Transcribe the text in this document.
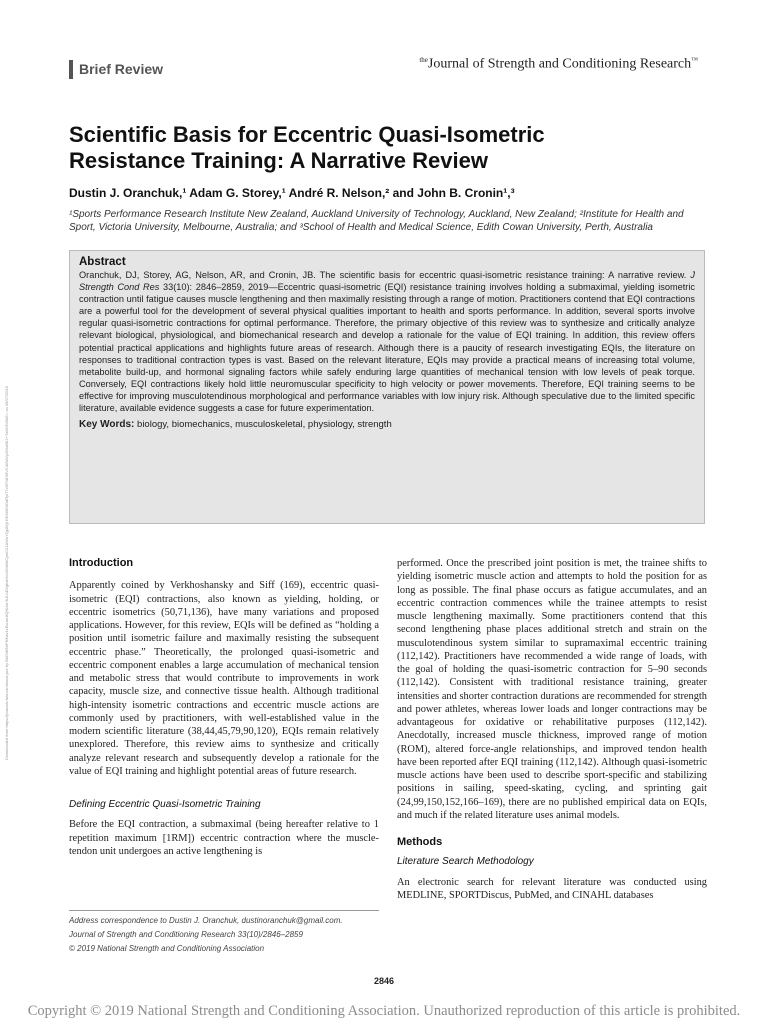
Downloaded from https://journals.lww.com/nsca-jscr by BhDMf5ePHKav1zEoum1tQfN4a+kJLhEZgbsIHo4XMi0hCywCX1AWnYQp/IlQrHD3i3D0OdRyi7TvSFl4Cf3VC4/OAVpDDa8K2+Ya6H515kE= on 09/27/2019
Brief Review
$^{the}$Journal of Strength and Conditioning Research™
Scientific Basis for Eccentric Quasi-Isometric
Resistance Training: A Narrative Review
Dustin J. Oranchuk,¹ Adam G. Storey,¹ André R. Nelson,² and John B. Cronin¹,³
¹Sports Performance Research Institute New Zealand, Auckland University of Technology, Auckland, New Zealand; ²Institute for Health and Sport, Victoria University, Melbourne, Australia; and ³School of Health and Medical Science, Edith Cowan University, Perth, Australia
Abstract
Oranchuk, DJ, Storey, AG, Nelson, AR, and Cronin, JB. The scientific basis for eccentric quasi-isometric resistance training: A narrative review. J Strength Cond Res 33(10): 2846–2859, 2019—Eccentric quasi-isometric (EQI) resistance training involves holding a submaximal, yielding isometric contraction until fatigue causes muscle lengthening and then maximally resisting through a range of motion. Practitioners contend that EQI contractions are a powerful tool for the development of several physical qualities important to health and sports performance. In addition, several sports involve regular quasi-isometric contractions for optimal performance. Therefore, the primary objective of this review was to synthesize and critically analyze relevant biological, physiological, and biomechanical research and develop a rationale for the value of EQI training. In addition, this review offers potential practical applications and highlights future areas of research. Although there is a paucity of research investigating EQIs, the literature on responses to traditional contraction types is vast. Based on the relevant literature, EQIs may provide a practical means of increasing total volume, metabolite build-up, and hormonal signaling factors while safely enduring large quantities of mechanical tension with low levels of peak torque. Conversely, EQI contractions likely hold little neuromuscular specificity to high velocity or power movements. Therefore, EQI training seems to be effective for improving musculotendinous morphological and performance variables with low injury risk. Although speculative due to the limited specific literature, available evidence suggests a case for future experimentation.
Key Words: biology, biomechanics, musculoskeletal, physiology, strength
Introduction

Apparently coined by Verkhoshansky and Siff (169), eccentric quasi-isometric (EQI) contractions, also known as yielding, holding, or eccentric isometrics (50,71,136), have many variations and proposed applications. However, for this review, EQIs will be defined as “holding a position until isometric failure and maximally resisting the subsequent eccentric phase.” Theoretically, the prolonged quasi-isometric and eccentric component enables a large accumulation of mechanical tension and metabolic stress that would contribute to improvements in work capacity, muscle size, and connective tissue health. Although traditional high-intensity isometric contractions and eccentric muscle actions are commonly used by practitioners, with well-established value in the modern scientific literature (38,44,45,79,90,120), EQIs remain relatively unexplored. Therefore, this review aims to synthesize and critically analyze relevant research and subsequently develop a rationale for the value of EQI training and highlight potential areas of future research.

Defining Eccentric Quasi-Isometric Training

Before the EQI contraction, a submaximal (being hereafter relative to 1 repetition maximum [1RM]) eccentric contraction where the muscle-tendon unit undergoes an active lengthening is

performed. Once the prescribed joint position is met, the trainee shifts to yielding isometric muscle action and attempts to hold the position for as long as possible. The final phase occurs as fatigue accumulates, and an eccentric contraction commences while the trainee attempts to resist muscle lengthening maximally. Some practitioners contend that this second lengthening phase places additional stretch and strain on the musculotendinous system similar to supramaximal eccentric training (112,142). Practitioners have recommended a wide range of loads, with the goal of holding the quasi-isometric contraction for 5–90 seconds (112,142). Consistent with traditional resistance training, greater intensities and shorter contraction durations are recommended for strength and power athletes, whereas lower loads and longer contractions may be advantageous for oxidative or rehabilitative purposes (112,142). Anecdotally, increased muscle thickness, improved range of motion (ROM), altered force-angle relationships, and improved tendon health have been reported after EQI training (112,142). Although quasi-isometric muscle actions have been used to describe sport-specific and stabilizing positions in sailing, speed-skating, cycling, and sprinting gait (24,99,150,152,166–169), there are no published empirical data on EQIs, and much if the related literature uses animal models.

Methods
Literature Search Methodology

An electronic search for relevant literature was conducted using MEDLINE, SPORTDiscus, PubMed, and CINAHL databases

Address correspondence to Dustin J. Oranchuk, dustinoranchuk@gmail.com.
Journal of Strength and Conditioning Research 33(10)/2846–2859
© 2019 National Strength and Conditioning Association
2846
Copyright © 2019 National Strength and Conditioning Association. Unauthorized reproduction of this article is prohibited.
